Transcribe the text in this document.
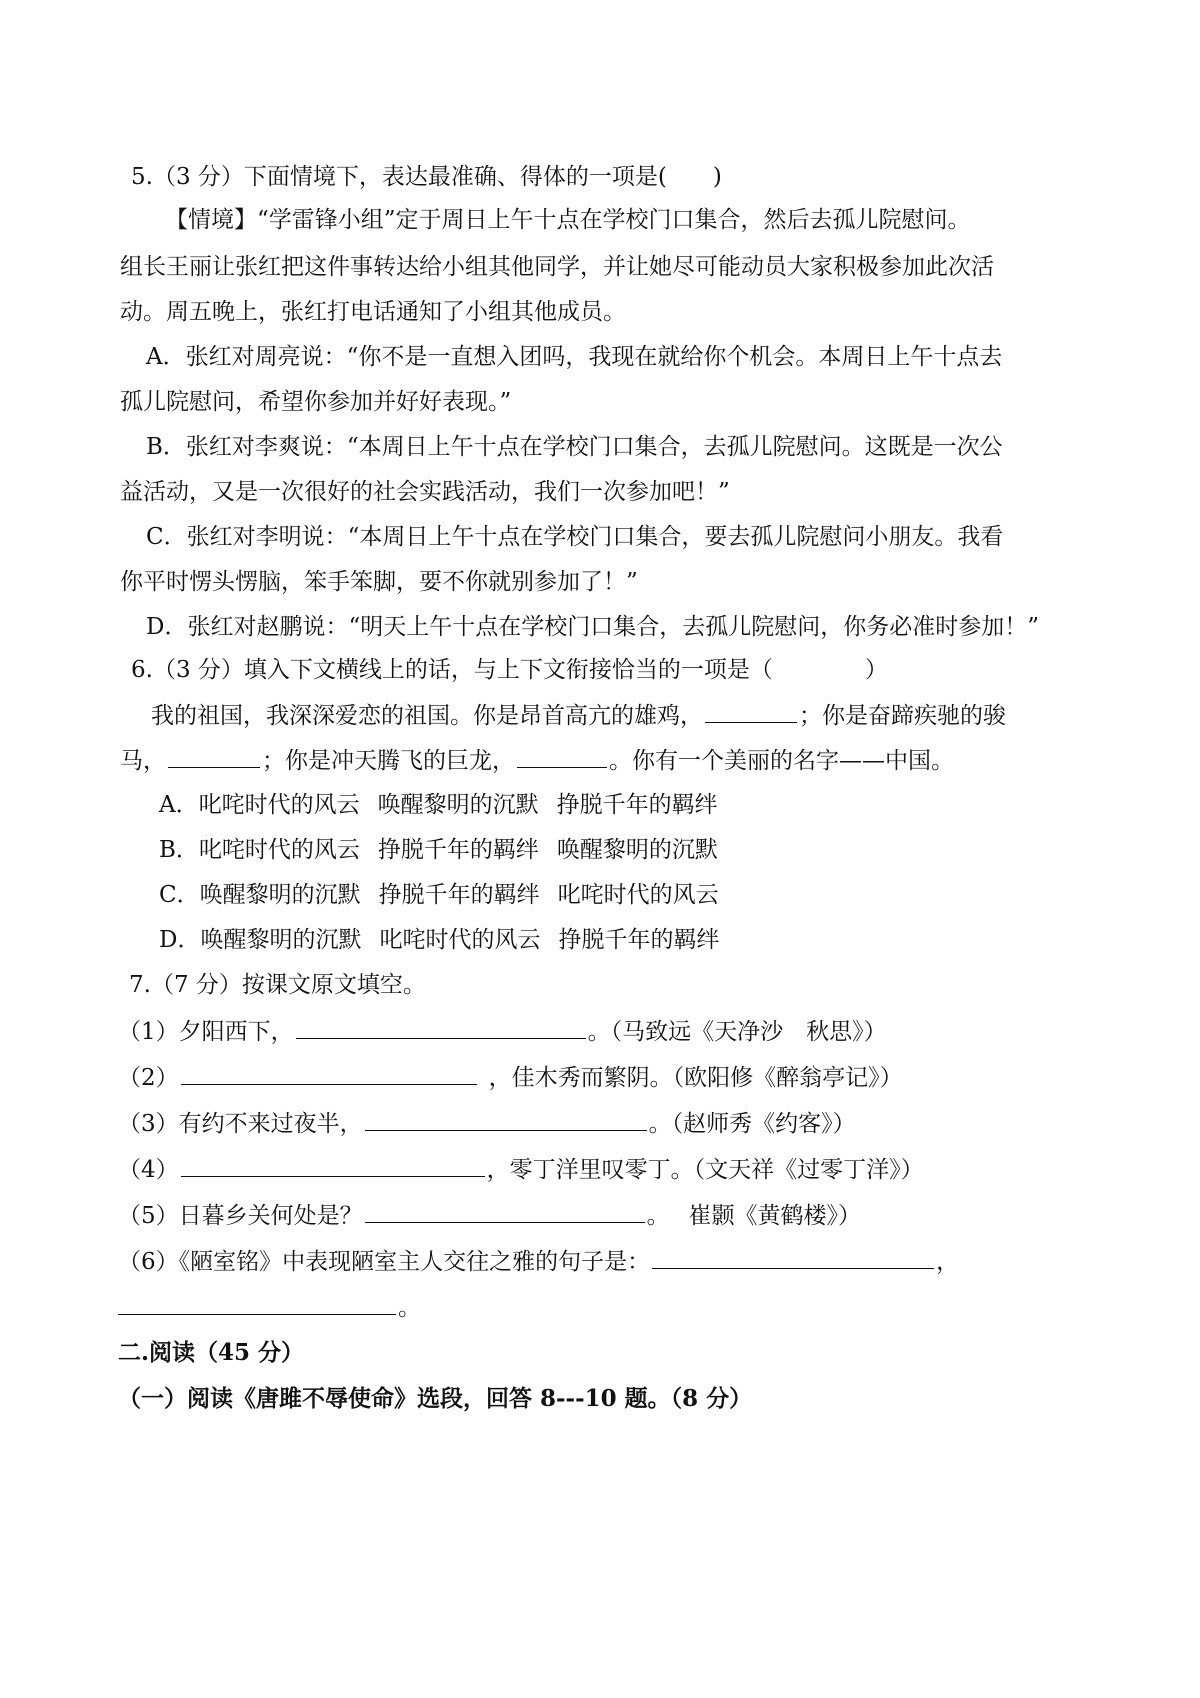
5.（3 分）下面情境下，表达最准确、得体的一项是(　　)
【情境】“学雷锋小组”定于周日上午十点在学校门口集合，然后去孤儿院慰问。
组长王丽让张红把这件事转达给小组其他同学，并让她尽可能动员大家积极参加此次活
动。周五晚上，张红打电话通知了小组其他成员。
A．张红对周亮说：“你不是一直想入团吗，我现在就给你个机会。本周日上午十点去
孤儿院慰问，希望你参加并好好表现。”
B．张红对李爽说：“本周日上午十点在学校门口集合，去孤儿院慰问。这既是一次公
益活动，又是一次很好的社会实践活动，我们一次参加吧！”
C．张红对李明说：“本周日上午十点在学校门口集合，要去孤儿院慰问小朋友。我看
你平时愣头愣脑，笨手笨脚，要不你就别参加了！”
D．张红对赵鹏说：“明天上午十点在学校门口集合，去孤儿院慰问，你务必准时参加！”
6.（3 分）填入下文横线上的话，与上下文衔接恰当的一项是（　　　　）
我的祖国，我深深爱恋的祖国。你是昂首高亢的雄鸡，	；你是奋蹄疾驰的骏
马，	；你是冲天腾飞的巨龙，	。你有一个美丽的名字——中国。
A．叱咤时代的风云 唤醒黎明的沉默 挣脱千年的羁绊
B．叱咤时代的风云 挣脱千年的羁绊 唤醒黎明的沉默
C．唤醒黎明的沉默 挣脱千年的羁绊 叱咤时代的风云
D．唤醒黎明的沉默 叱咤时代的风云 挣脱千年的羁绊
7.（7 分）按课文原文填空。
（1）夕阳西下，	。（马致远《天净沙　秋思》）
（2）	，佳木秀而繁阴。（欧阳修《醉翁亭记》）
（3）有约不来过夜半，	。（赵师秀《约客》）
（4）	，零丁洋里叹零丁。（文天祥《过零丁洋》）
（5）日暮乡关何处是？	。　 崔颢《黄鹤楼》）
（6）《陋室铭》中表现陋室主人交往之雅的句子是：	，
。
二.阅读（45 分）
（一）阅读《唐雎不辱使命》选段，回答 8---10 题。（8 分）
